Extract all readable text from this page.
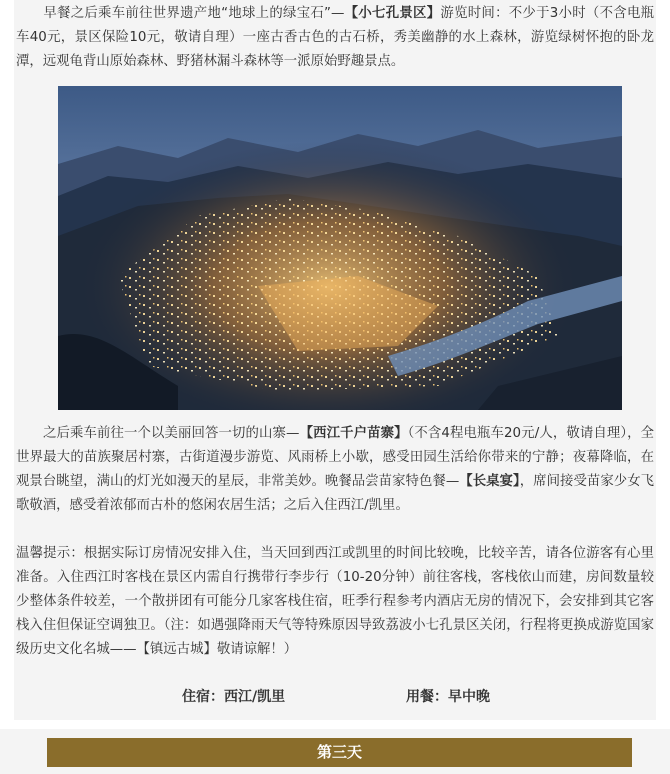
　　早餐之后乘车前往世界遗产地“地球上的绿宝石”—【小七孔景区】游览时间：不少于3小时（不含电瓶车40元，景区保险10元，敬请自理）一座古香古色的古石桥，秀美幽静的水上森林，游览绿树怀抱的卧龙潭，远观龟背山原始森林、野猪林漏斗森林等一派原始野趣景点。

　　之后乘车前往一个以美丽回答一切的山寨—【西江千户苗寨】（不含4程电瓶车20元/人，敬请自理），全世界最大的苗族聚居村寨，古街道漫步游览、风雨桥上小歇，感受田园生活给你带来的宁静；夜幕降临，在观景台眺望，满山的灯光如漫天的星辰，非常美妙。晚餐品尝苗家特色餐—【长桌宴】，席间接受苗家少女飞歌敬酒，感受着浓郁而古朴的悠闲农居生活；之后入住西江/凯里。

温馨提示：根据实际订房情况安排入住，当天回到西江或凯里的时间比较晚，比较辛苦，请各位游客有心里准备。入住西江时客栈在景区内需自行携带行李步行（10-20分钟）前往客栈，客栈依山而建，房间数量较少整体条件较差，一个散拼团有可能分几家客栈住宿，旺季行程参考内酒店无房的情况下，会安排到其它客栈入住但保证空调独卫。（注：如遇强降雨天气等特殊原因导致荔波小七孔景区关闭，行程将更换成游览国家级历史文化名城——【镇远古城】敬请谅解！）

住宿：西江/凯里	用餐：早中晚
第三天
